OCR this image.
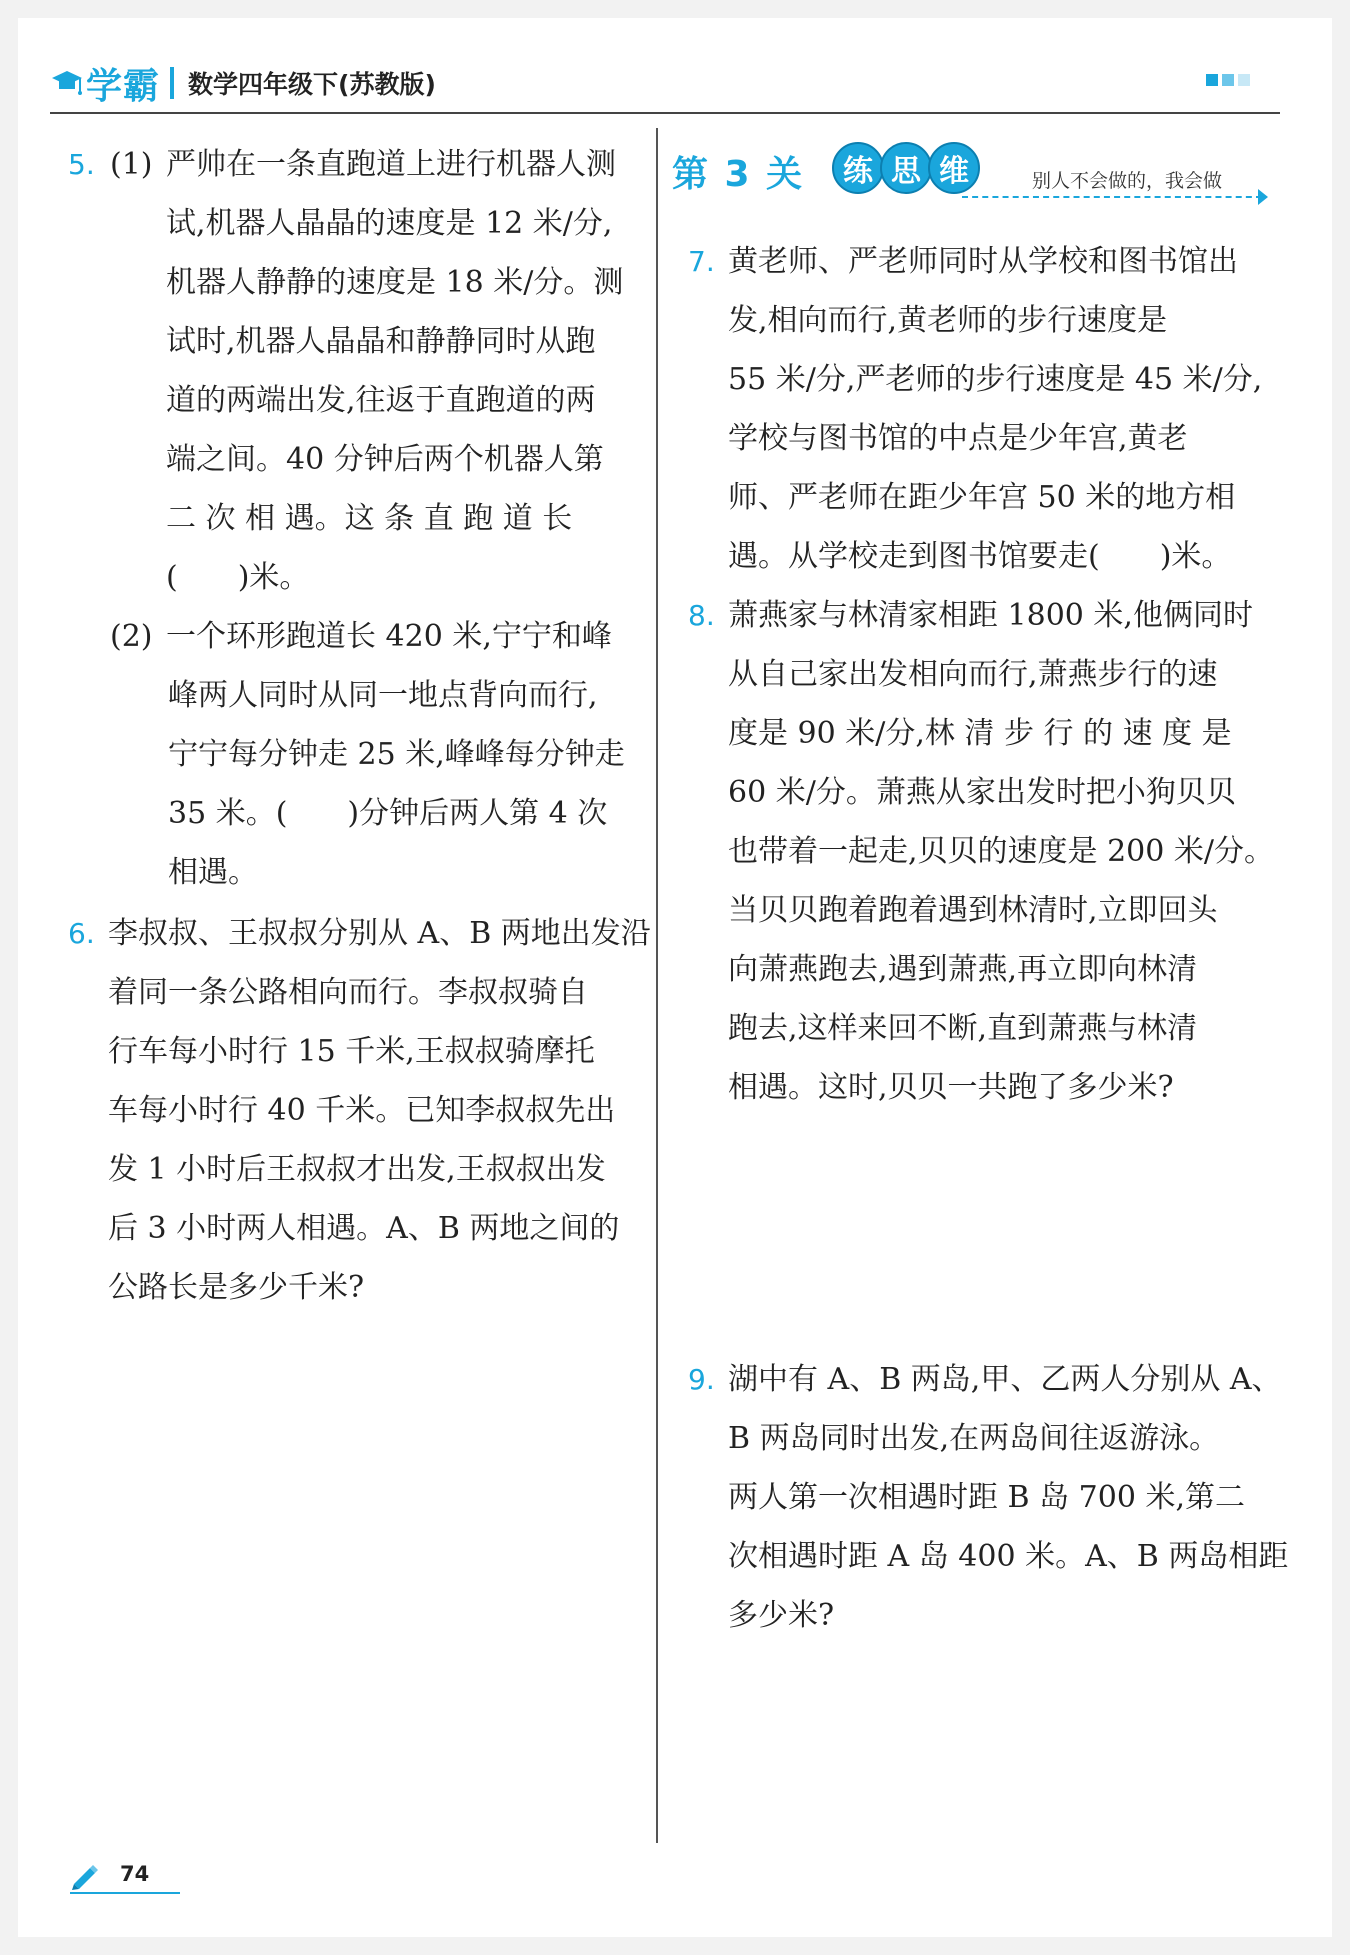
学霸 数学四年级下(苏教版)
5. (1) 严帅在一条直跑道上进行机器人测
试,机器人晶晶的速度是 12 米/分,
机器人静静的速度是 18 米/分。测
试时,机器人晶晶和静静同时从跑
道的两端出发,往返于直跑道的两
端之间。40 分钟后两个机器人第
二 次 相 遇。这 条 直 跑 道 长
(　　)米。
(2) 一个环形跑道长 420 米,宁宁和峰
峰两人同时从同一地点背向而行,
宁宁每分钟走 25 米,峰峰每分钟走
35 米。(　　)分钟后两人第 4 次
相遇。
6. 李叔叔、王叔叔分别从 A、B 两地出发沿
着同一条公路相向而行。李叔叔骑自
行车每小时行 15 千米,王叔叔骑摩托
车每小时行 40 千米。已知李叔叔先出
发 1 小时后王叔叔才出发,王叔叔出发
后 3 小时两人相遇。A、B 两地之间的
公路长是多少千米?
第 3 关	练 思 维	别人不会做的，我会做
7. 黄老师、严老师同时从学校和图书馆出
发,相向而行,黄老师的步行速度是
55 米/分,严老师的步行速度是 45 米/分,
学校与图书馆的中点是少年宫,黄老
师、严老师在距少年宫 50 米的地方相
遇。从学校走到图书馆要走(　　)米。
8. 萧燕家与林清家相距 1800 米,他俩同时
从自己家出发相向而行,萧燕步行的速
度是 90 米/分,林 清 步 行 的 速 度 是
60 米/分。萧燕从家出发时把小狗贝贝
也带着一起走,贝贝的速度是 200 米/分。
当贝贝跑着跑着遇到林清时,立即回头
向萧燕跑去,遇到萧燕,再立即向林清
跑去,这样来回不断,直到萧燕与林清
相遇。这时,贝贝一共跑了多少米?
9. 湖中有 A、B 两岛,甲、乙两人分别从 A、
B 两岛同时出发,在两岛间往返游泳。
两人第一次相遇时距 B 岛 700 米,第二
次相遇时距 A 岛 400 米。A、B 两岛相距
多少米?
74
